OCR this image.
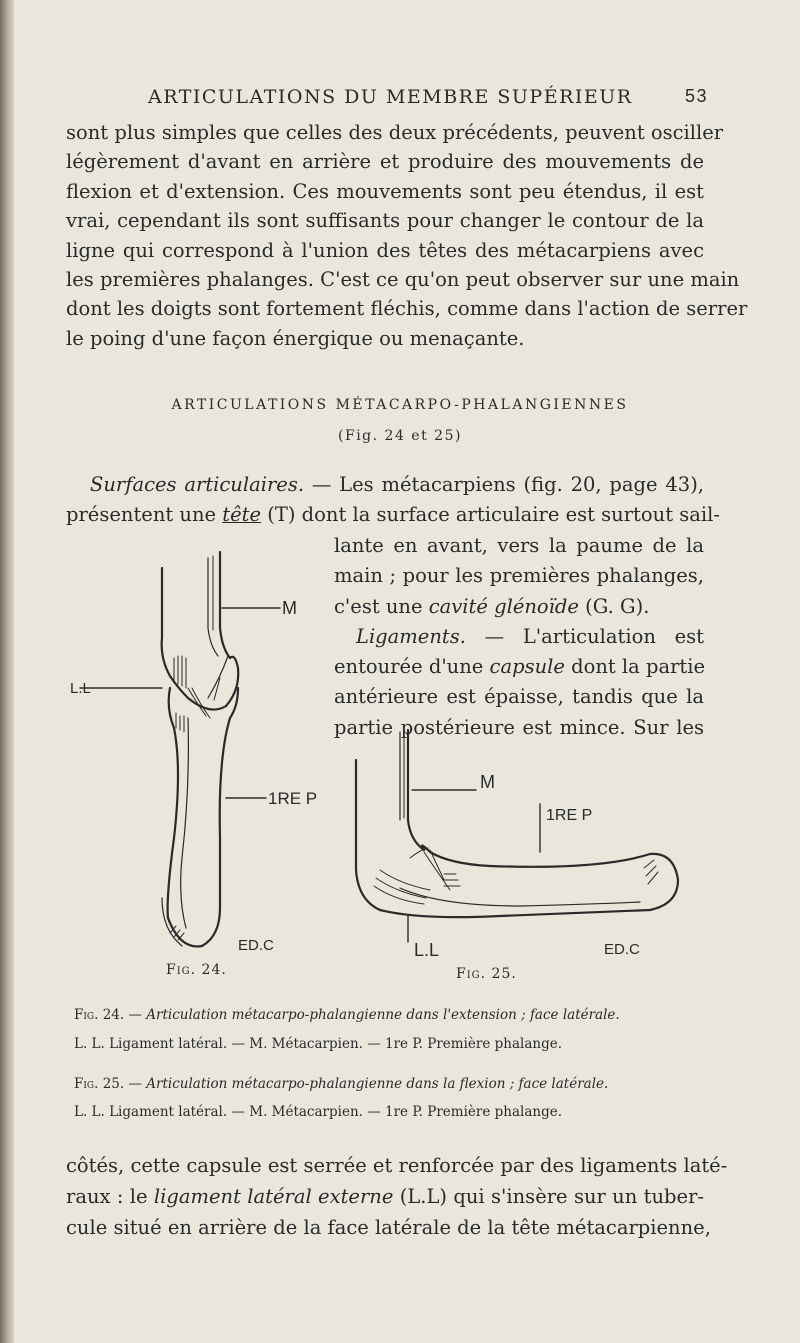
ARTICULATIONS DU MEMBRE SUPÉRIEUR	53
sont plus simples que celles des deux précédents, peuvent osciller
légèrement d'avant en arrière et produire des mouvements de
flexion et d'extension. Ces mouvements sont peu étendus, il est
vrai, cependant ils sont suffisants pour changer le contour de la
ligne qui correspond à l'union des têtes des métacarpiens avec
les premières phalanges. C'est ce qu'on peut observer sur une main
dont les doigts sont fortement fléchis, comme dans l'action de serrer
le poing d'une façon énergique ou menaçante.
ARTICULATIONS MÉTACARPO-PHALANGIENNES
(Fig. 24 et 25)
Surfaces articulaires. — Les métacarpiens (fig. 20, page 43),
présentent une tête (T) dont la surface articulaire est surtout sail-
lante en avant, vers la paume de la
main ; pour les premières phalanges,
c'est une cavité glénoïde (G. G).
Ligaments. — L'articulation est
entourée d'une capsule dont la partie
antérieure est épaisse, tandis que la
partie postérieure est mince. Sur les
M
L.L
1RE P
ED.C
Fig. 24.
M
1RE P
L.L	ED.C
Fig. 25.
Fig. 24. — Articulation métacarpo-phalangienne dans l'extension ; face latérale.
L. L. Ligament latéral. — M. Métacarpien. — 1re P. Première phalange.
Fig. 25. — Articulation métacarpo-phalangienne dans la flexion ; face latérale.
L. L. Ligament latéral. — M. Métacarpien. — 1re P. Première phalange.
côtés, cette capsule est serrée et renforcée par des ligaments laté-
raux : le ligament latéral externe (L.L) qui s'insère sur un tuber-
cule situé en arrière de la face latérale de la tête métacarpienne,
